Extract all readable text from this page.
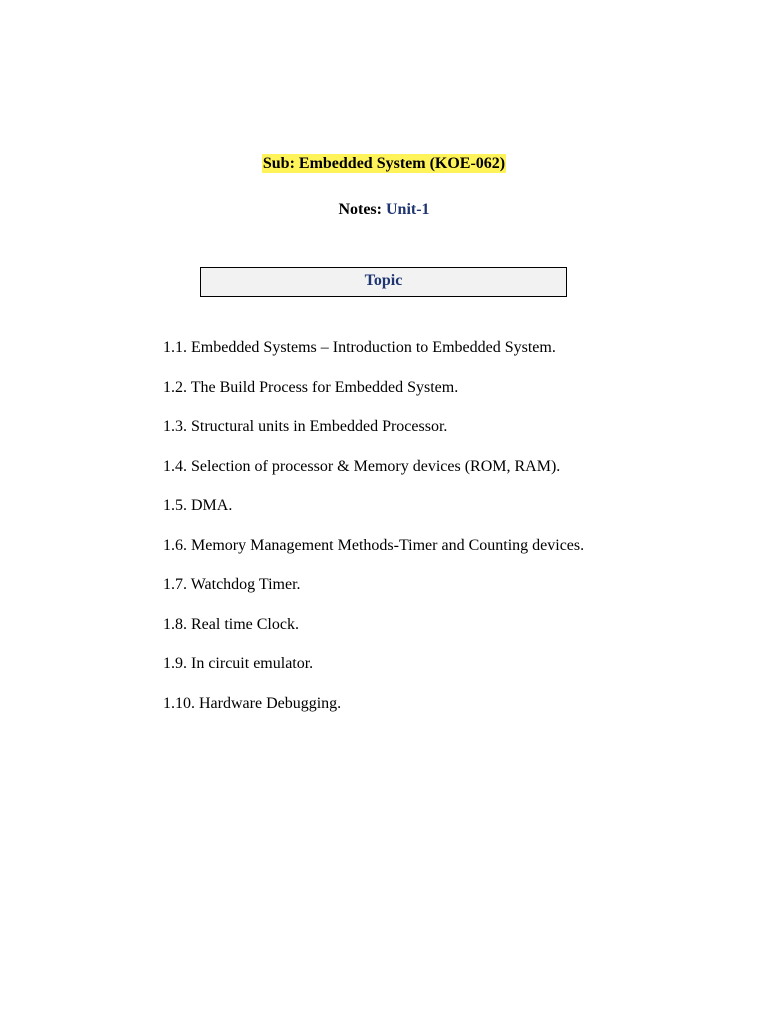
Sub: Embedded System (KOE-062)
Notes: Unit-1
Topic
1.1. Embedded Systems – Introduction to Embedded System.
1.2. The Build Process for Embedded System.
1.3. Structural units in Embedded Processor.
1.4. Selection of processor & Memory devices (ROM, RAM).
1.5. DMA.
1.6. Memory Management Methods-Timer and Counting devices.
1.7. Watchdog Timer.
1.8. Real time Clock.
1.9. In circuit emulator.
1.10. Hardware Debugging.
